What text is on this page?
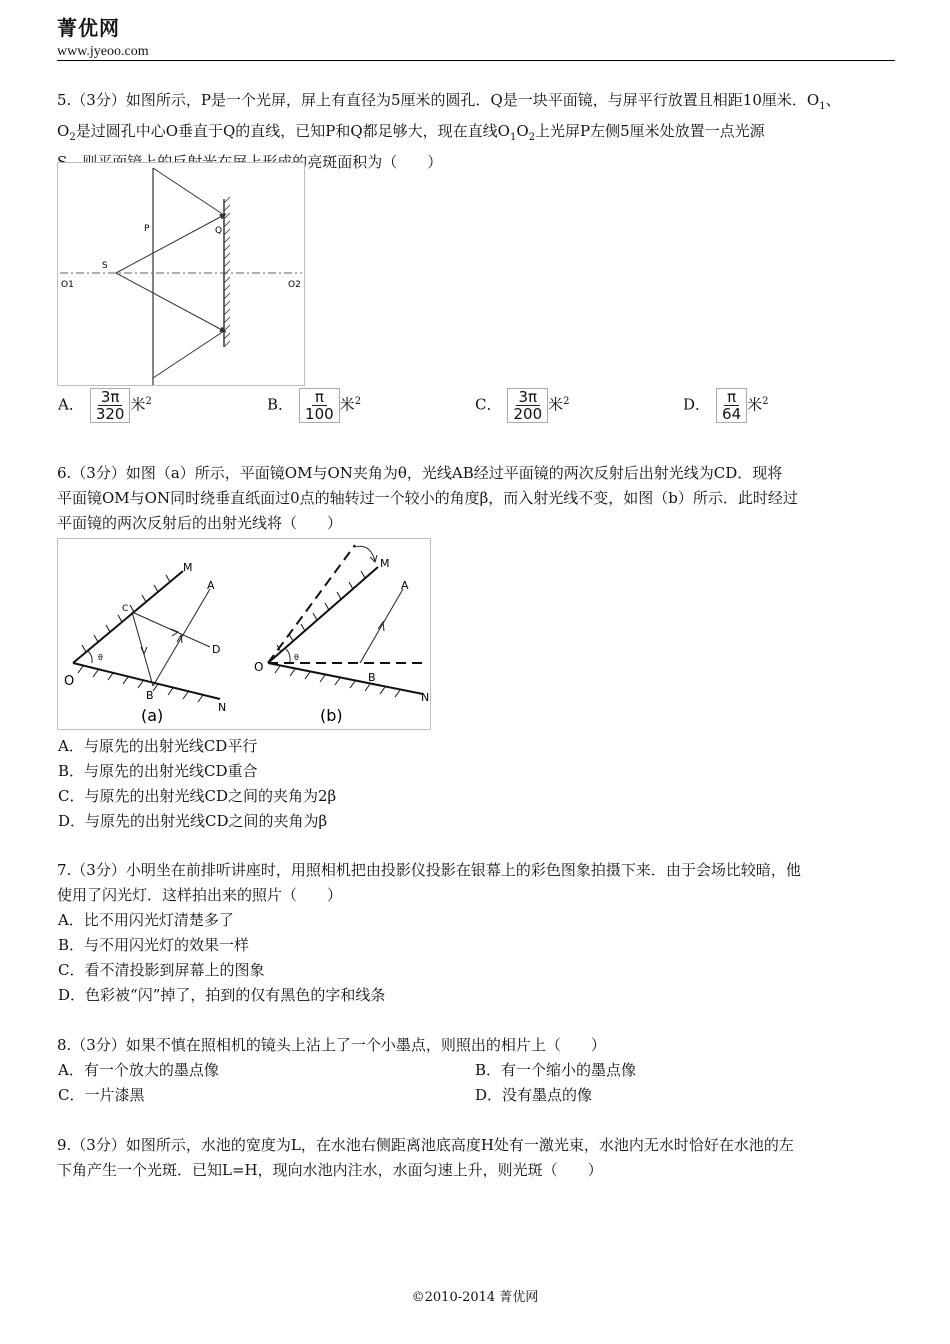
菁优网
www.jyeoo.com
5.（3分）如图所示，P是一个光屏，屏上有直径为5厘米的圆孔．Q是一块平面镜，与屏平行放置且相距10厘米．$O_1$、
$O_2$是过圆孔中心O垂直于Q的直线，已知P和Q都足够大，现在直线$O_1O_2$上光屏P左侧5厘米处放置一点光源
S，则平面镜上的反射光在屏上形成的亮斑面积为（　　）
P	Q
S
O1	O2
A． $\frac{3\pi}{320}$ 米$^2$	B． $\frac{\pi}{100}$ 米$^2$	C． $\frac{3\pi}{200}$ 米$^2$	D． $\frac{\pi}{64}$ 米$^2$
6.（3分）如图（a）所示，平面镜OM与ON夹角为θ，光线AB经过平面镜的两次反射后出射光线为CD．现将
平面镜OM与ON同时绕垂直纸面过0点的轴转过一个较小的角度β，而入射光线不变，如图（b）所示．此时经过
平面镜的两次反射后的出射光线将（　　）
M
N
O
A
B
C
D
θ
(a)
M
N
O
A
B
θ
(b)
A．与原先的出射光线CD平行
B．与原先的出射光线CD重合
C．与原先的出射光线CD之间的夹角为2β
D．与原先的出射光线CD之间的夹角为β
7.（3分）小明坐在前排听讲座时，用照相机把由投影仪投影在银幕上的彩色图象拍摄下来．由于会场比较暗，他
使用了闪光灯．这样拍出来的照片（　　）
A．比不用闪光灯清楚多了
B．与不用闪光灯的效果一样
C．看不清投影到屏幕上的图象
D．色彩被“闪”掉了，拍到的仅有黑色的字和线条
8.（3分）如果不慎在照相机的镜头上沾上了一个小墨点，则照出的相片上（　　）
A．有一个放大的墨点像	B．有一个缩小的墨点像
C．一片漆黑	D．没有墨点的像
9.（3分）如图所示，水池的宽度为L，在水池右侧距离池底高度H处有一激光束，水池内无水时恰好在水池的左
下角产生一个光斑．已知L=H，现向水池内注水，水面匀速上升，则光斑（　　）
©2010-2014 菁优网
